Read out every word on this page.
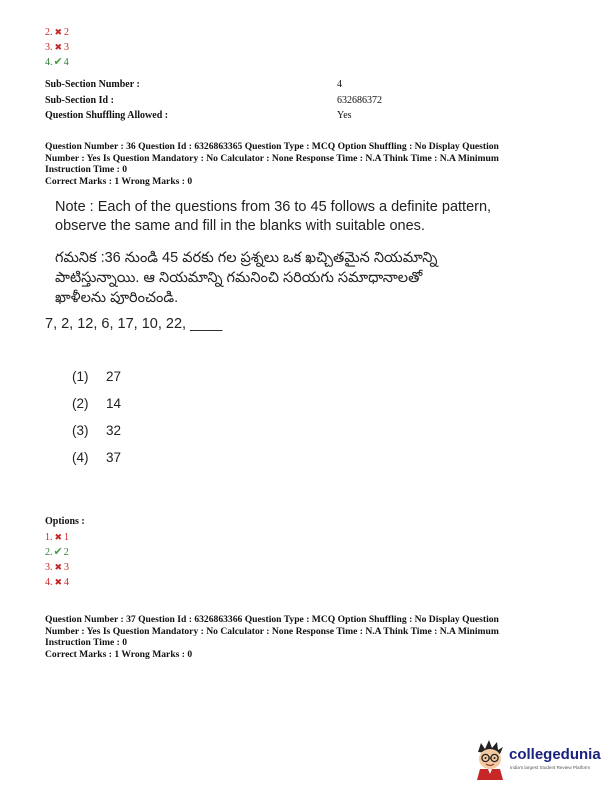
2. ✖ 2
3. ✖ 3
4.✔4
Sub-Section Number :	4
Sub-Section Id :	632686372
Question Shuffling Allowed :	Yes
Question Number : 36 Question Id : 6326863365 Question Type : MCQ Option Shuffling : No Display Question
Number : Yes Is Question Mandatory : No Calculator : None Response Time : N.A Think Time : N.A Minimum
Instruction Time : 0
Correct Marks : 1 Wrong Marks : 0
Note : Each of the questions from 36 to 45 follows a definite pattern,
observe the same and fill in the blanks with suitable ones.
గమనిక :36 నుండి 45 వరకు గల ప్రశ్నలు ఒక ఖచ్చితమైన నియమాన్ని
పాటిస్తున్నాయి. ఆ నియమాన్ని గమనించి సరియగు సమాధానాలతో
ఖాళీలను పూరించండి.
7, 2, 12, 6, 17, 10, 22, ____
(1) 27
(2) 14
(3) 32
(4) 37
Options :
1. ✖ 1
2.✔2
3. ✖ 3
4. ✖ 4
Question Number : 37 Question Id : 6326863366 Question Type : MCQ Option Shuffling : No Display Question
Number : Yes Is Question Mandatory : No Calculator : None Response Time : N.A Think Time : N.A Minimum
Instruction Time : 0
Correct Marks : 1 Wrong Marks : 0
collegedunia
India's largest Student Review Platform
